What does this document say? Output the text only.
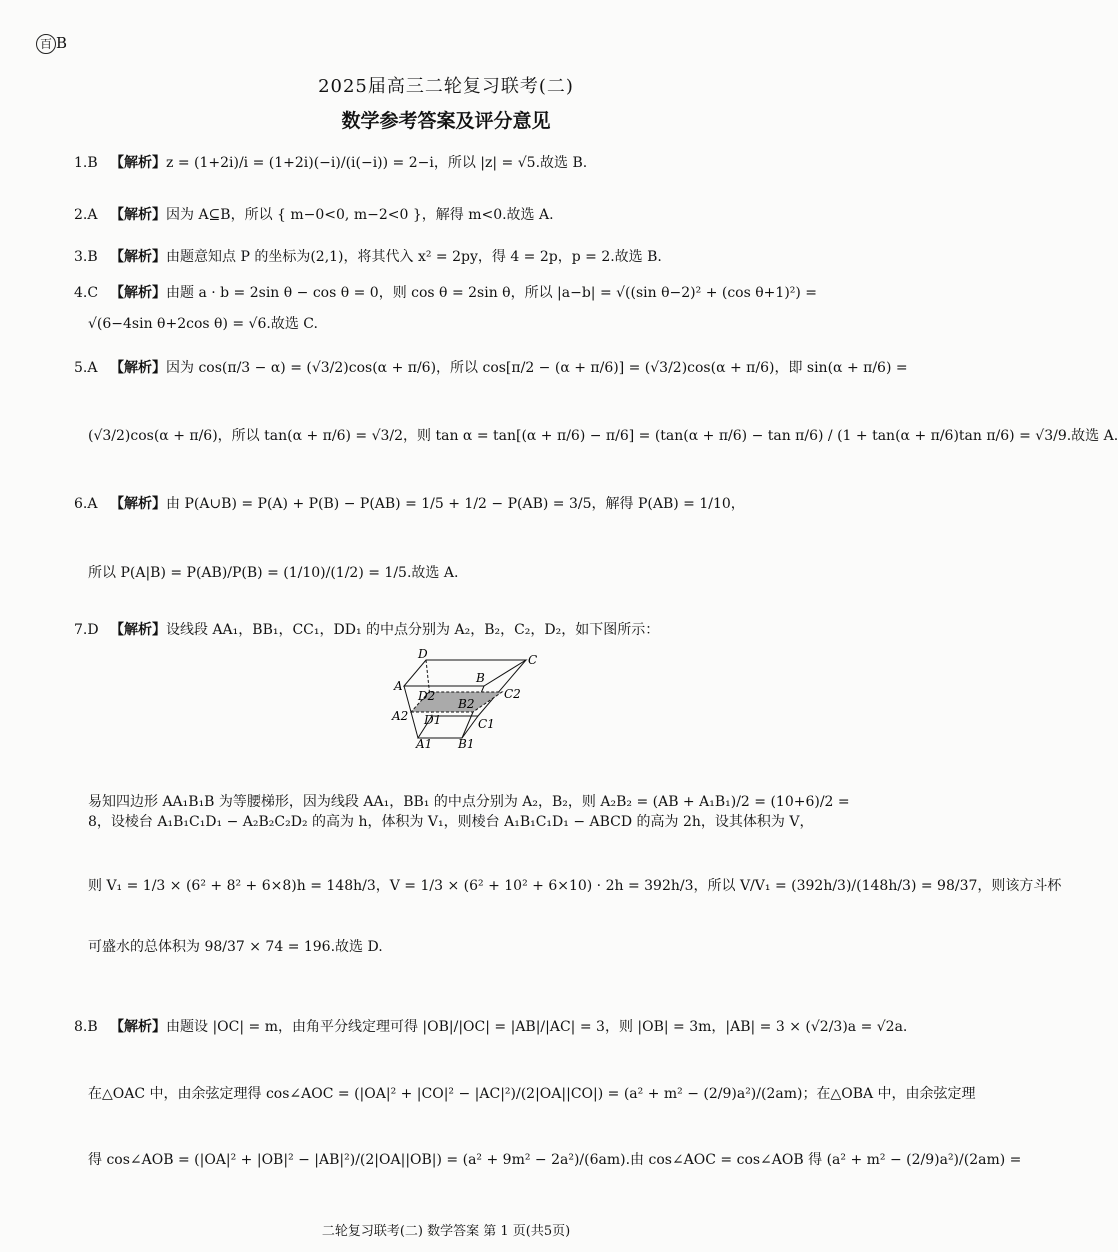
百 B
2025届高三二轮复习联考(二)
数学参考答案及评分意见
1.B 【解析】z = (1+2i)/i = (1+2i)(−i)/(i(−i)) = 2−i，所以 |z| = √5.故选 B.
2.A 【解析】因为 A⊆B，所以 { m−0<0, m−2<0 }，解得 m<0.故选 A.
3.B 【解析】由题意知点 P 的坐标为(2,1)，将其代入 x² = 2py，得 4 = 2p，p = 2.故选 B.
4.C 【解析】由题 a · b = 2sin θ − cos θ = 0，则 cos θ = 2sin θ，所以 |a−b| = √((sin θ−2)² + (cos θ+1)²) =
√(6−4sin θ+2cos θ) = √6.故选 C.
5.A 【解析】因为 cos(π/3 − α) = (√3/2)cos(α + π/6)，所以 cos[π/2 − (α + π/6)] = (√3/2)cos(α + π/6)，即 sin(α + π/6) =
(√3/2)cos(α + π/6)，所以 tan(α + π/6) = √3/2，则 tan α = tan[(α + π/6) − π/6] = (tan(α + π/6) − tan π/6) / (1 + tan(α + π/6)tan π/6) = √3/9.故选 A.
6.A 【解析】由 P(A∪B) = P(A) + P(B) − P(AB) = 1/5 + 1/2 − P(AB) = 3/5，解得 P(AB) = 1/10，
所以 P(A|B) = P(AB)/P(B) = (1/10)/(1/2) = 1/5.故选 A.
7.D 【解析】设线段 AA₁，BB₁，CC₁，DD₁ 的中点分别为 A₂，B₂，C₂，D₂，如下图所示：
A
B
C
D
A1 B1
C1
D1
A2
B2
C2
D2
易知四边形 AA₁B₁B 为等腰梯形，因为线段 AA₁，BB₁ 的中点分别为 A₂，B₂，则 A₂B₂ = (AB + A₁B₁)/2 = (10+6)/2 =
8，设棱台 A₁B₁C₁D₁ − A₂B₂C₂D₂ 的高为 h，体积为 V₁，则棱台 A₁B₁C₁D₁ − ABCD 的高为 2h，设其体积为 V，
则 V₁ = 1/3 × (6² + 8² + 6×8)h = 148h/3，V = 1/3 × (6² + 10² + 6×10) · 2h = 392h/3，所以 V/V₁ = (392h/3)/(148h/3) = 98/37，则该方斗杯
可盛水的总体积为 98/37 × 74 = 196.故选 D.
8.B 【解析】由题设 |OC| = m，由角平分线定理可得 |OB|/|OC| = |AB|/|AC| = 3，则 |OB| = 3m，|AB| = 3 × (√2/3)a = √2a.
在△OAC 中，由余弦定理得 cos∠AOC = (|OA|² + |CO|² − |AC|²)/(2|OA||CO|) = (a² + m² − (2/9)a²)/(2am)；在△OBA 中，由余弦定理
得 cos∠AOB = (|OA|² + |OB|² − |AB|²)/(2|OA||OB|) = (a² + 9m² − 2a²)/(6am).由 cos∠AOC = cos∠AOB 得 (a² + m² − (2/9)a²)/(2am) =
二轮复习联考(二) 数学答案 第 1 页(共5页)
